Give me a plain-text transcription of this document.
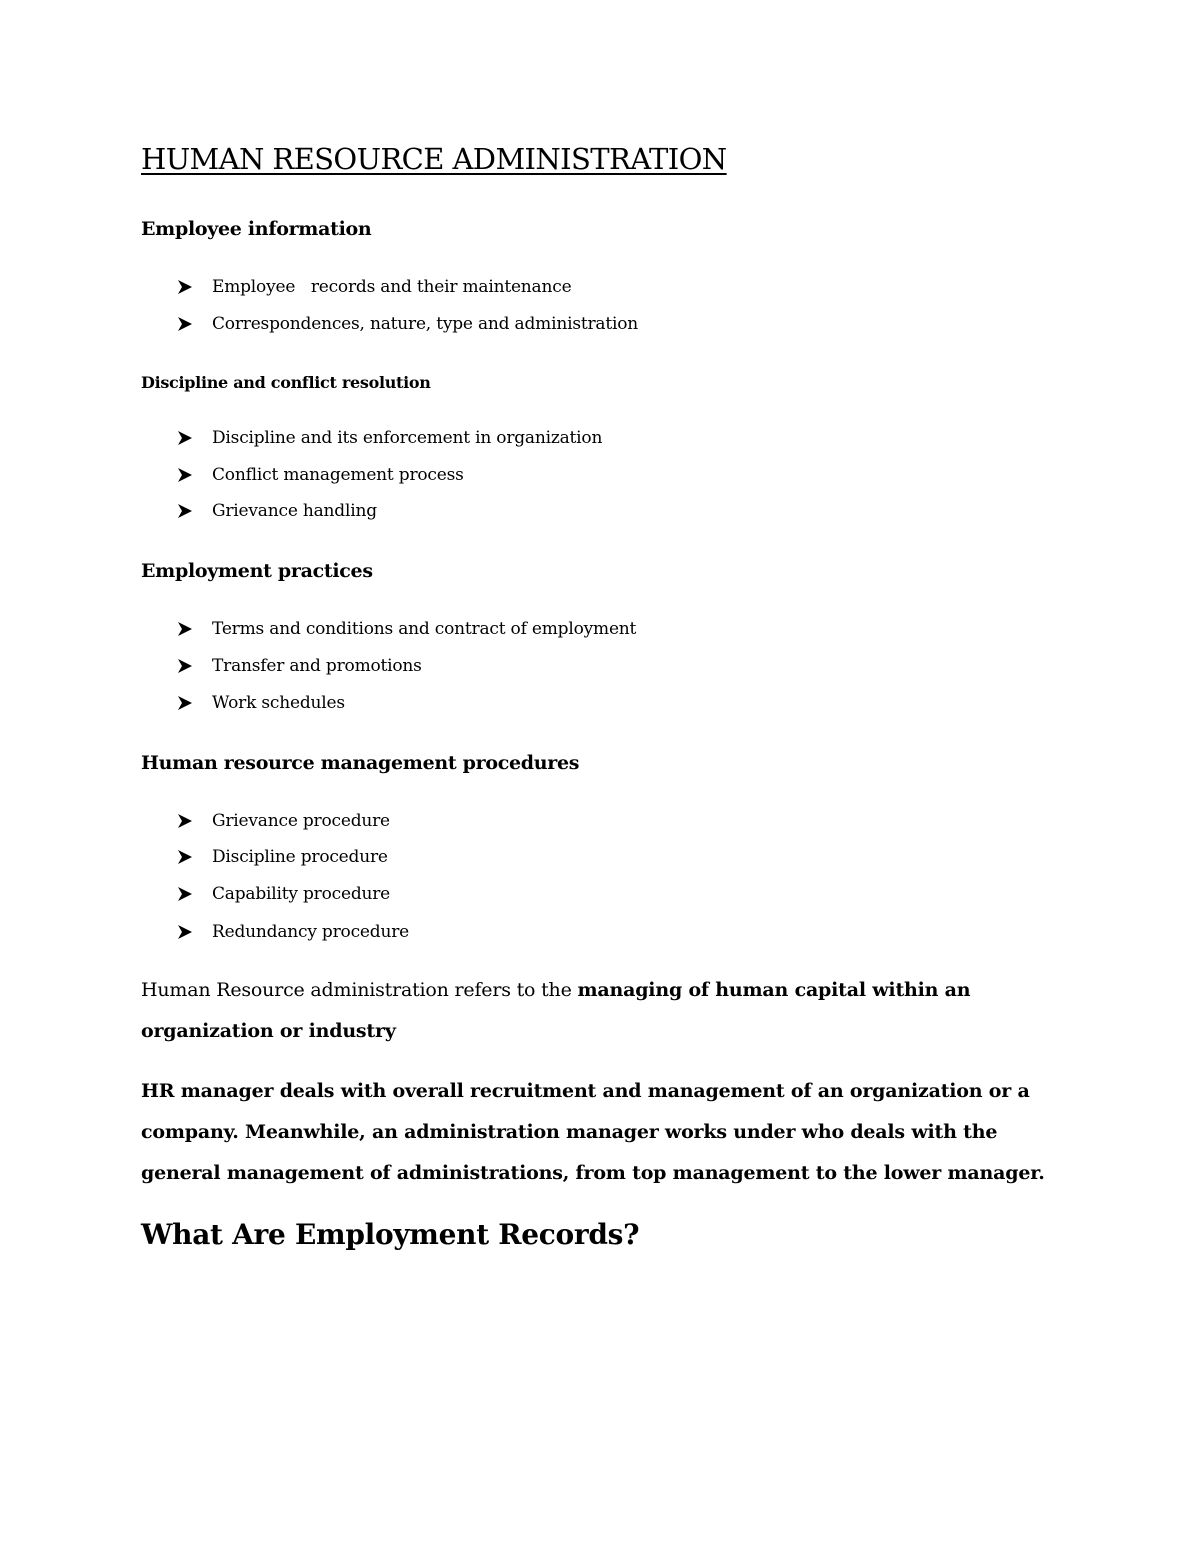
HUMAN RESOURCE ADMINISTRATION
Employee information
Employee   records and their maintenance
Correspondences, nature, type and administration
Discipline and conflict resolution
Discipline and its enforcement in organization
Conflict management process
Grievance handling
Employment practices
Terms and conditions and contract of employment
Transfer and promotions
Work schedules
Human resource management procedures
Grievance procedure
Discipline procedure
Capability procedure
Redundancy procedure

Human Resource administration refers to the managing of human capital within an organization or industry

HR manager deals with overall recruitment and management of an organization or a company. Meanwhile, an administration manager works under who deals with the general management of administrations, from top management to the lower manager.

What Are Employment Records?
